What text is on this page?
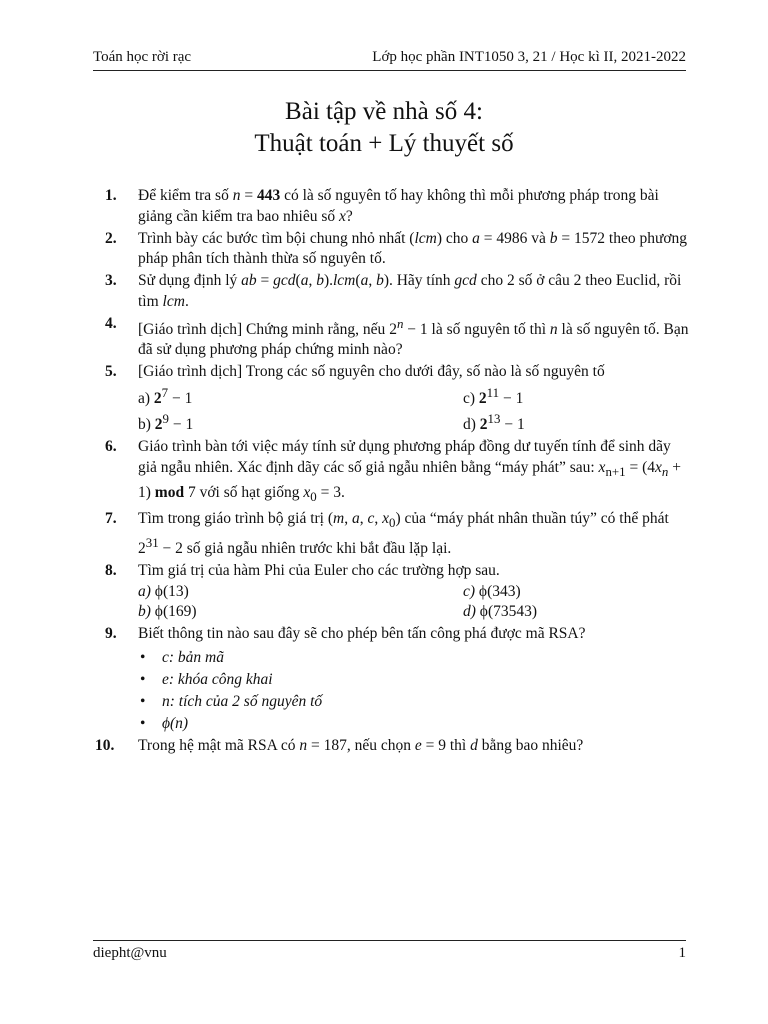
Toán học rời rạc	Lớp học phần INT1050 3, 21 / Học kì II, 2021-2022
Bài tập về nhà số 4:
Thuật toán + Lý thuyết số
1. Để kiểm tra số n = 443 có là số nguyên tố hay không thì mỗi phương pháp trong bài giảng cần kiểm tra bao nhiêu số x?
2. Trình bày các bước tìm bội chung nhỏ nhất (lcm) cho a = 4986 và b = 1572 theo phương pháp phân tích thành thừa số nguyên tố.
3. Sử dụng định lý ab = gcd(a, b).lcm(a, b). Hãy tính gcd cho 2 số ở câu 2 theo Euclid, rồi tìm lcm.
4. [Giáo trình dịch] Chứng minh rằng, nếu $2^n - 1$ là số nguyên tố thì n là số nguyên tố. Bạn đã sử dụng phương pháp chứng minh nào?
5. [Giáo trình dịch] Trong các số nguyên cho dưới đây, số nào là số nguyên tố
a) $2^7 - 1$	c) $2^{11} - 1$
b) $2^9 - 1$	d) $2^{13} - 1$
6. Giáo trình bàn tới việc máy tính sử dụng phương pháp đồng dư tuyến tính để sinh dãy giả ngẫu nhiên. Xác định dãy các số giả ngẫu nhiên bằng “máy phát” sau: $x_{n+1} = (4x_n + 1)$ mod 7 với số hạt giống $x_0 = 3$.
7. Tìm trong giáo trình bộ giá trị (m, a, c, $x_0$) của “máy phát nhân thuần túy” có thể phát $2^{31} - 2$ số giả ngẫu nhiên trước khi bắt đầu lặp lại.
8. Tìm giá trị của hàm Phi của Euler cho các trường hợp sau.
a) ϕ(13)	c) ϕ(343)
b) ϕ(169)	d) ϕ(73543)
9. Biết thông tin nào sau đây sẽ cho phép bên tấn công phá được mã RSA?
• c: bản mã
• e: khóa công khai
• n: tích của 2 số nguyên tố
• ϕ(n)
10. Trong hệ mật mã RSA có n = 187, nếu chọn e = 9 thì d bằng bao nhiêu?
diepht@vnu	1
